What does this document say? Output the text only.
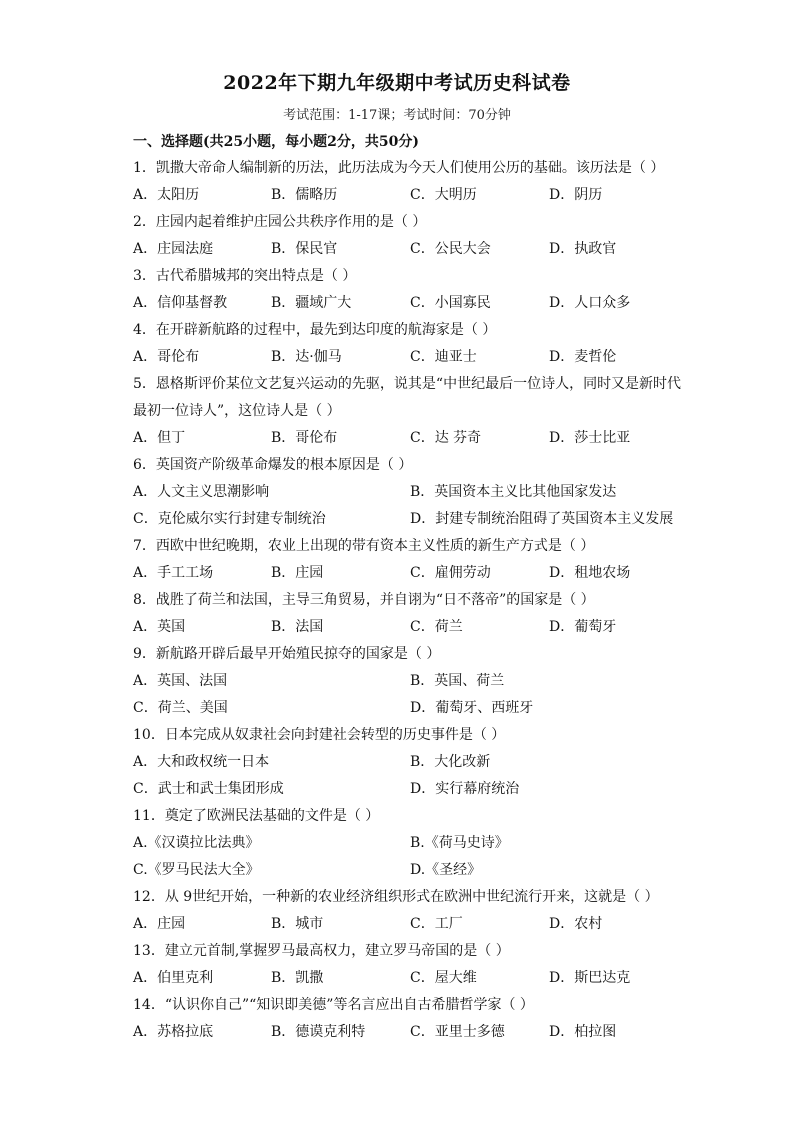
2022年下期九年级期中考试历史科试卷
考试范围：1-17课；考试时间：70分钟
一、选择题(共25小题，每小题2分，共50分)
1．凯撒大帝命人编制新的历法，此历法成为今天人们使用公历的基础。该历法是（ ）
A．太阳历	B．儒略历	C．大明历	D．阴历
2．庄园内起着维护庄园公共秩序作用的是（ ）
A．庄园法庭	B．保民官	C．公民大会	D．执政官
3．古代希腊城邦的突出特点是（ ）
A．信仰基督教	B．疆域广大	C．小国寡民	D．人口众多
4．在开辟新航路的过程中，最先到达印度的航海家是（ ）
A．哥伦布	B．达·伽马	C．迪亚士	D．麦哲伦
5．恩格斯评价某位文艺复兴运动的先驱，说其是“中世纪最后一位诗人，同时又是新时代最初一位诗人”，这位诗人是（ ）
A．但丁	B．哥伦布	C．达 芬奇	D．莎士比亚
6．英国资产阶级革命爆发的根本原因是（ ）
A．人文主义思潮影响	B．英国资本主义比其他国家发达
C．克伦威尔实行封建专制统治	D．封建专制统治阻碍了英国资本主义发展
7．西欧中世纪晚期，农业上出现的带有资本主义性质的新生产方式是（ ）
A．手工工场	B．庄园	C．雇佣劳动	D．租地农场
8．战胜了荷兰和法国，主导三角贸易，并自诩为“日不落帝”的国家是（ ）
A．英国	B．法国	C．荷兰	D．葡萄牙
9．新航路开辟后最早开始殖民掠夺的国家是（ ）
A．英国、法国	B．英国、荷兰
C．荷兰、美国	D．葡萄牙、西班牙
10．日本完成从奴隶社会向封建社会转型的历史事件是（ ）
A．大和政权统一日本	B．大化改新
C．武士和武士集团形成	D．实行幕府统治
11．奠定了欧洲民法基础的文件是（ ）
A.《汉谟拉比法典》	B.《荷马史诗》
C.《罗马民法大全》	D.《圣经》
12．从 9世纪开始，一种新的农业经济组织形式在欧洲中世纪流行开来，这就是（ ）
A．庄园	B．城市	C．工厂	D．农村
13．建立元首制,掌握罗马最高权力，建立罗马帝国的是（ ）
A．伯里克利	B．凯撒	C．屋大维	D．斯巴达克
14．“认识你自己”“知识即美德”等名言应出自古希腊哲学家（ ）
A．苏格拉底	B．德谟克利特	C．亚里士多德	D．柏拉图
